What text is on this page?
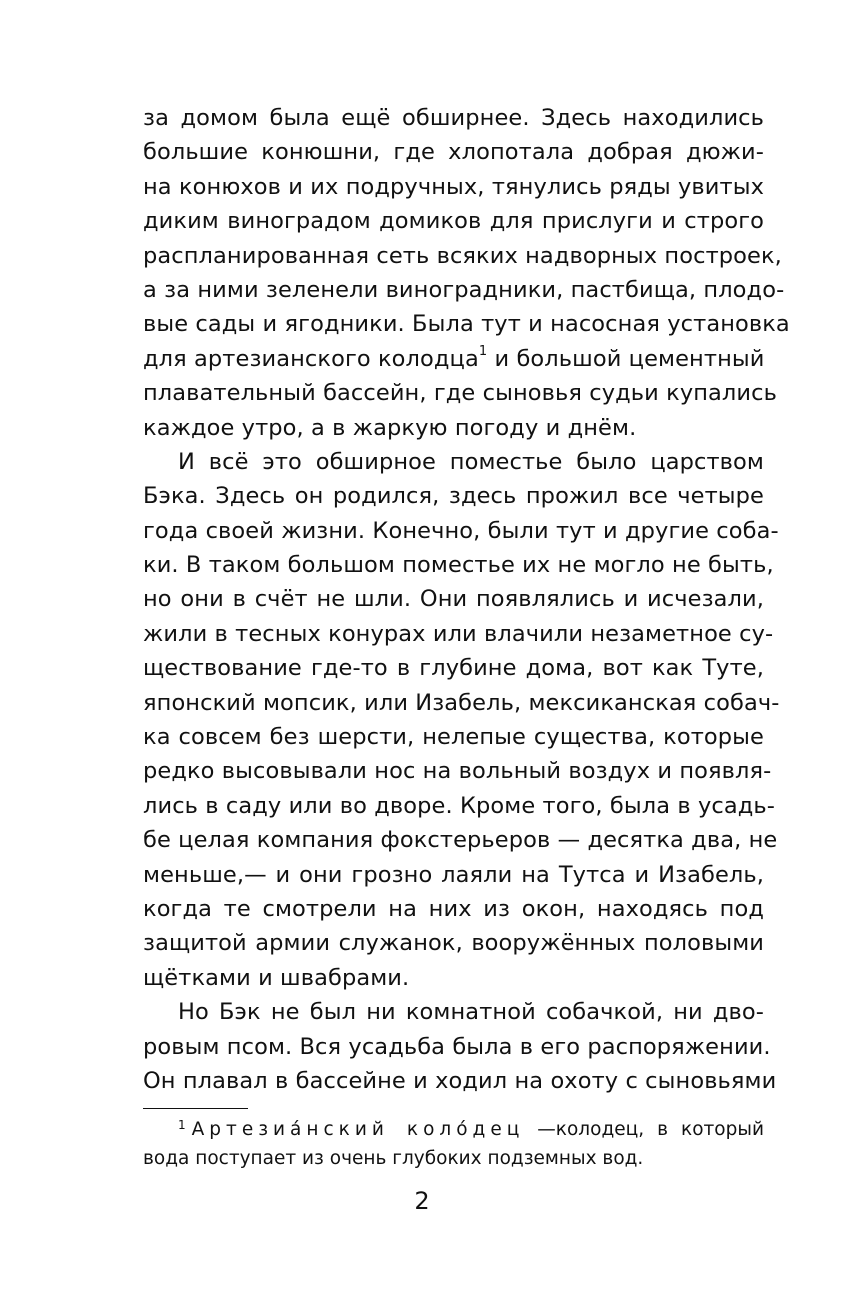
за домом была ещё обширнее. Здесь находились
большие конюшни, где хлопотала добрая дюжи-
на конюхов и их подручных, тянулись ряды увитых
диким виноградом домиков для прислуги и строго
распланированная сеть всяких надворных построек,
а за ними зеленели виноградники, пастбища, плодо-
вые сады и ягодники. Была тут и насосная установка
для артезианского колодца$^1$ и большой цементный
плавательный бассейн, где сыновья судьи купались
каждое утро, а в жаркую погоду и днём.
И всё это обширное поместье было царством
Бэка. Здесь он родился, здесь прожил все четыре
года своей жизни. Конечно, были тут и другие соба-
ки. В таком большом поместье их не могло не быть,
но они в счёт не шли. Они появлялись и исчезали,
жили в тесных конурах или влачили незаметное су-
ществование где-то в глубине дома, вот как Туте,
японский мопсик, или Изабель, мексиканская собач-
ка совсем без шерсти, нелепые существа, которые
редко высовывали нос на вольный воздух и появля-
лись в саду или во дворе. Кроме того, была в усадь-
бе целая компания фокстерьеров — десятка два, не
меньше,— и они грозно лаяли на Тутса и Изабель,
когда те смотрели на них из окон, находясь под
защитой армии служанок, вооружённых половыми
щётками и швабрами.
Но Бэк не был ни комнатной собачкой, ни дво-
ровым псом. Вся усадьба была в его распоряжении.
Он плавал в бассейне и ходил на охоту с сыновьями
$^1$ Артезиа́нский коло́дец —колодец, в который
вода поступает из очень глубоких подземных вод.
2
